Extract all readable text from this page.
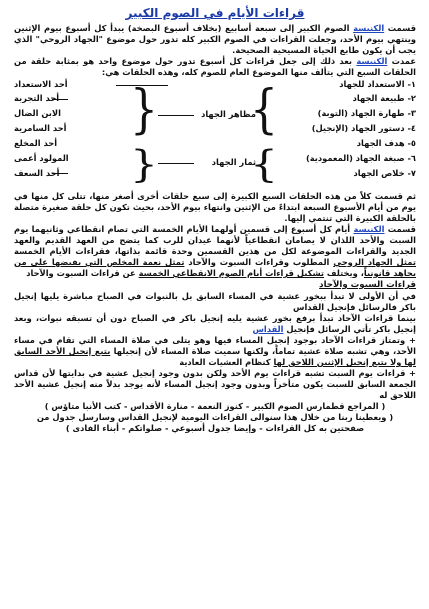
قراءات الأيام في الصوم الكبير

قسمت الكنيسة الصوم الكبير إلى سبعة أسابيع (بخلاف أسبوع البصخة) يبدأ كل أسبوع بيوم الإثنين وينتهي بيوم الأحد، وجعلت القراءات في الصوم الكبير كله تدور حول موضوع "الجهاد الروحي" الذي يجب أن يكون طابع الحياة المسيحية الصحيحة.

عمدت الكنيسة بعد ذلك إلى جعل قراءات كل أسبوع تدور حول موضوع واحد هو بمثابة حلقة من الحلقات السبع التي يتألف منها الموضوع العام للصوم كله، وهذه الحلقات هي:

١- الاستعداد للجهاد
٢- طبيعة الجهاد
٣- طهارة الجهاد (التوبة)
٤- دستور الجهاد (الإنجيل)
٥- هدف الجهاد
٦- صبغة الجهاد (المعمودية)
٧- خلاص الجهاد
{
مظاهر الجهاد
{
{
ثمار الجهاد
{
أحد الاستعداد
أحد التجربة
الابن الضال
أحد السامرية
أحد المخلع
المولود أعمى
أحد السعف

ثم قسمت كلاً من هذه الحلقات السبع الكبيرة إلى سبع حلقات أخرى أصغر منها، تتلى كل منها في يوم من أيام الأسبوع السبعة ابتداءً من الإثنين وانتهاء بيوم الأحد، بحيث تكون كل حلقة صغيرة متصلة بالحلقة الكبيرة التي تنتمي إليها.

قسمت الكنيسة أيام كل أسبوع إلى قسمين أولهما الأيام الخمسة التي تصام انقطاعي وثانيهما يوم السبت والأحد اللذان لا يصامان انقطاعياً لأنهما عيدان للرب كما يتضح من العهد القديم والعهد الجديد والقراءات الموضوعة لكل من هذين القسمين وحدة قائمة بذاتها، فقراءات الأيام الخمسة تمثل الجهاد الروحي المطلوب وقراءات السبوت والآحاد تمثل نعمة المخلص التي يفيضها على من يجاهد قانونياً، ويختلف تشكيل قراءات أيام الصوم الانقطاعي الخمسة عن قراءات السبوت والآحاد

قراءات السبوت والآحاد

في أن الأولى لا تبدأ ببخور عشية في المساء السابق بل بالنبوات في الصباح مباشرة يليها إنجيل باكر فالرسائل فإنجيل القداس

بينما قراءات الآحاد تبدأ برفع بخور عشية يليه إنجيل باكر في الصباح دون أن تسبقه نبوات، وبعد إنجيل باكر تأتي الرسائل فإنجيل القداس

+ وتمتاز قراءات الآحاد بوجود إنجيل المساء فيها وهو يتلى في صلاة المساء التي تقام في مساء الأحد، وهي تشبه صلاة عشية تماماً، ولكنها سميت صلاة المساء لأن إنجيلها يتبع إنجيل الأحد السابق لها ولا يتبع إنجيل الإثنين اللاحق لها كنظام العشيات العادية

+ قراءات يوم السبت تشبه قراءات يوم الأحد ولكن بدون وجود إنجيل عشية في بدايتها لأن قداس الجمعة السابق للسبت يكون متأخراً وبدون وجود إنجيل المساء لأنه يوجد بدلاً منه إنجيل عشية الأحد اللاحق له

( المراجع قطمارس الصوم الكبير - كنوز النعمة - منارة الأقداس - كتب الأنبا متاؤس )

( ويعطينا ربنا من خلال هذا سنوالى القراءات اليومية لإنجيل القداس وسارسل جدول من

صفحتين به كل القراءات - وإيضا جدول أسبوعي - صلواتكم - أبناء الفادى )
